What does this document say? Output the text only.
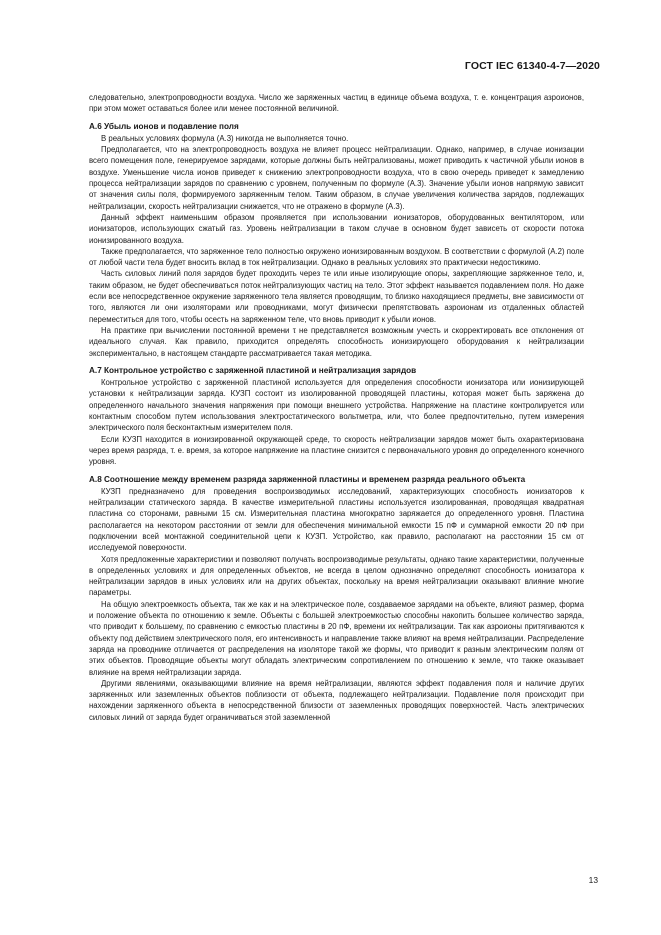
ГОСТ IEC 61340-4-7—2020

следовательно, электропроводности воздуха. Число же заряженных частиц в единице объема воздуха, т. е. концентрация азроионов, при этом может оставаться более или менее постоянной величиной.

А.6 Убыль ионов и подавление поля

В реальных условиях формула (А.3) никогда не выполняется точно.

Предполагается, что на электропроводность воздуха не влияет процесс нейтрализации. Однако, например, в случае ионизации всего помещения поле, генерируемое зарядами, которые должны быть нейтрализованы, может приводить к частичной убыли ионов в воздухе. Уменьшение числа ионов приведет к снижению электропроводности воздуха, что в свою очередь приведет к замедлению процесса нейтрализации зарядов по сравнению с уровнем, полученным по формуле (А.3). Значение убыли ионов напрямую зависит от значения силы поля, формируемого заряженным телом. Таким образом, в случае увеличения количества зарядов, подлежащих нейтрализации, скорость нейтрализации снижается, что не отражено в формуле (А.3).

Данный эффект наименьшим образом проявляется при использовании ионизаторов, оборудованных вентилятором, или ионизаторов, использующих сжатый газ. Уровень нейтрализации в таком случае в основном будет зависеть от скорости потока ионизированного воздуха.

Также предполагается, что заряженное тело полностью окружено ионизированным воздухом. В соответствии с формулой (А.2) поле от любой части тела будет вносить вклад в ток нейтрализации. Однако в реальных условиях это практически недостижимо.

Часть силовых линий поля зарядов будет проходить через те или иные изолирующие опоры, закрепляющие заряженное тело, и, таким образом, не будет обеспечиваться поток нейтрализующих частиц на тело. Этот эффект называется подавлением поля. Но даже если все непосредственное окружение заряженного тела является проводящим, то близко находящиеся предметы, вне зависимости от того, являются ли они изоляторами или проводниками, могут физически препятствовать азроионам из отдаленных областей переместиться для того, чтобы осесть на заряженном теле, что вновь приводит к убыли ионов.

На практике при вычислении постоянной времени τ не представляется возможным учесть и скорректировать все отклонения от идеального случая. Как правило, приходится определять способность ионизирующего оборудования к нейтрализации экспериментально, в настоящем стандарте рассматривается такая методика.

А.7 Контрольное устройство с заряженной пластиной и нейтрализация зарядов

Контрольное устройство с заряженной пластиной используется для определения способности ионизатора или ионизирующей установки к нейтрализации заряда. КУЗП состоит из изолированной проводящей пластины, которая может быть заряжена до определенного начального значения напряжения при помощи внешнего устройства. Напряжение на пластине контролируется или контактным способом путем использования электростатического вольтметра, или, что более предпочтительно, путем измерения электрического поля бесконтактным измерителем поля.

Если КУЗП находится в ионизированной окружающей среде, то скорость нейтрализации зарядов может быть охарактеризована через время разряда, т. е. время, за которое напряжение на пластине снизится с первоначального уровня до определенного конечного уровня.

А.8 Соотношение между временем разряда заряженной пластины и временем разряда реального объекта

КУЗП предназначено для проведения воспроизводимых исследований, характеризующих способность ионизаторов к нейтрализации статического заряда. В качестве измерительной пластины используется изолированная, проводящая квадратная пластина со сторонами, равными 15 см. Измерительная пластина многократно заряжается до определенного уровня. Пластина располагается на некотором расстоянии от земли для обеспечения минимальной емкости 15 пФ и суммарной емкости 20 пФ при подключении всей монтажной соединительной цепи к КУЗП. Устройство, как правило, располагают на расстоянии 15 см от исследуемой поверхности.

Хотя предложенные характеристики и позволяют получать воспроизводимые результаты, однако такие характеристики, полученные в определенных условиях и для определенных объектов, не всегда в целом однозначно определяют способность ионизатора к нейтрализации зарядов в иных условиях или на других объектах, поскольку на время нейтрализации оказывают влияние многие параметры.

На общую электроемкость объекта, так же как и на электрическое поле, создаваемое зарядами на объекте, влияют размер, форма и положение объекта по отношению к земле. Объекты с большей электроемкостью способны накопить большее количество заряда, что приводит к большему, по сравнению с емкостью пластины в 20 пФ, времени их нейтрализации. Так как азроионы притягиваются к объекту под действием электрического поля, его интенсивность и направление также влияют на время нейтрализации. Распределение заряда на проводнике отличается от распределения на изоляторе такой же формы, что приводит к разным электрическим полям от этих объектов. Проводящие объекты могут обладать электрическим сопротивлением по отношению к земле, что также оказывает влияние на время нейтрализации заряда.

Другими явлениями, оказывающими влияние на время нейтрализации, являются эффект подавления поля и наличие других заряженных или заземленных объектов поблизости от объекта, подлежащего нейтрализации. Подавление поля происходит при нахождении заряженного объекта в непосредственной близости от заземленных проводящих поверхностей. Часть электрических силовых линий от заряда будет ограничиваться этой заземленной

13
